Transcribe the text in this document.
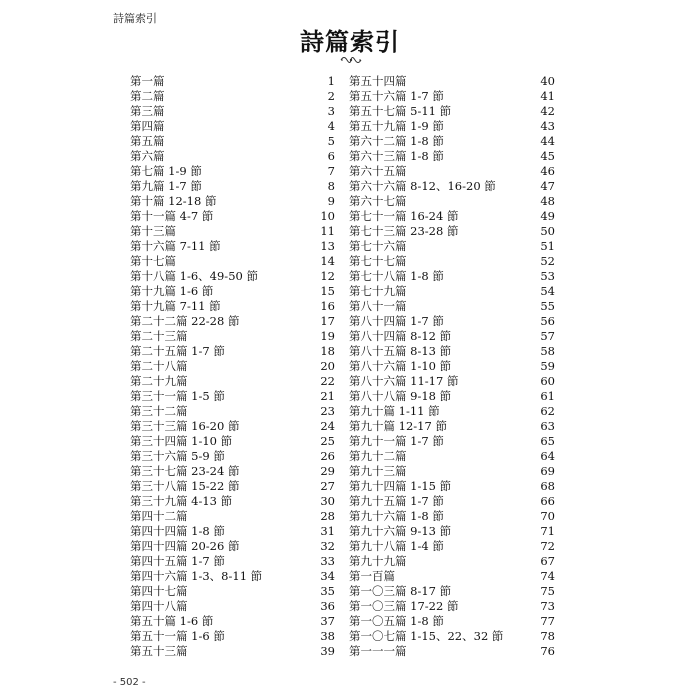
詩篇索引
詩篇索引
第一篇	1
第二篇	2
第三篇	3
第四篇	4
第五篇	5
第六篇	6
第七篇 1-9 節	7
第九篇 1-7 節	8
第十篇 12-18 節	9
第十一篇 4-7 節	10
第十三篇	11
第十六篇 7-11 節	13
第十七篇	14
第十八篇 1-6、49-50 節	12
第十九篇 1-6 節	15
第十九篇 7-11 節	16
第二十二篇 22-28 節	17
第二十三篇	19
第二十五篇 1-7 節	18
第二十八篇	20
第二十九篇	22
第三十一篇 1-5 節	21
第三十二篇	23
第三十三篇 16-20 節	24
第三十四篇 1-10 節	25
第三十六篇 5-9 節	26
第三十七篇 23-24 節	29
第三十八篇 15-22 節	27
第三十九篇 4-13 節	30
第四十二篇	28
第四十四篇 1-8 節	31
第四十四篇 20-26 節	32
第四十五篇 1-7 節	33
第四十六篇 1-3、8-11 節	34
第四十七篇	35
第四十八篇	36
第五十篇 1-6 節	37
第五十一篇 1-6 節	38
第五十三篇	39
第五十四篇	40
第五十六篇 1-7 節	41
第五十七篇 5-11 節	42
第五十九篇 1-9 節	43
第六十二篇 1-8 節	44
第六十三篇 1-8 節	45
第六十五篇	46
第六十六篇 8-12、16-20 節	47
第六十七篇	48
第七十一篇 16-24 節	49
第七十三篇 23-28 節	50
第七十六篇	51
第七十七篇	52
第七十八篇 1-8 節	53
第七十九篇	54
第八十一篇	55
第八十四篇 1-7 節	56
第八十四篇 8-12 節	57
第八十五篇 8-13 節	58
第八十六篇 1-10 節	59
第八十六篇 11-17 節	60
第八十八篇 9-18 節	61
第九十篇 1-11 節	62
第九十篇 12-17 節	63
第九十一篇 1-7 節	65
第九十二篇	64
第九十三篇	69
第九十四篇 1-15 節	68
第九十五篇 1-7 節	66
第九十六篇 1-8 節	70
第九十六篇 9-13 節	71
第九十八篇 1-4 節	72
第九十九篇	67
第一百篇	74
第一〇三篇 8-17 節	75
第一〇三篇 17-22 節	73
第一〇五篇 1-8 節	77
第一〇七篇 1-15、22、32 節	78
第一一一篇	76
- 502 -
